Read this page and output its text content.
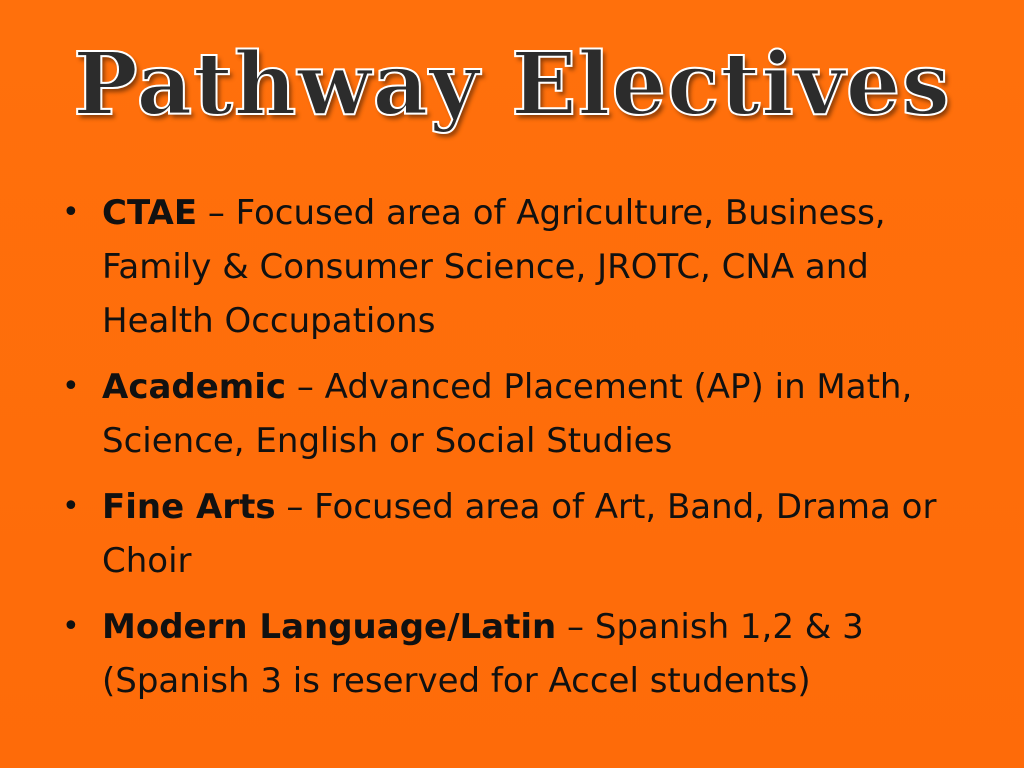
Pathway Electives
• CTAE – Focused area of Agriculture, Business, Family & Consumer Science, JROTC, CNA and Health Occupations
• Academic – Advanced Placement (AP) in Math, Science, English or Social Studies
• Fine Arts – Focused area of Art, Band, Drama or Choir
• Modern Language/Latin – Spanish 1,2 & 3 (Spanish 3 is reserved for Accel students)
